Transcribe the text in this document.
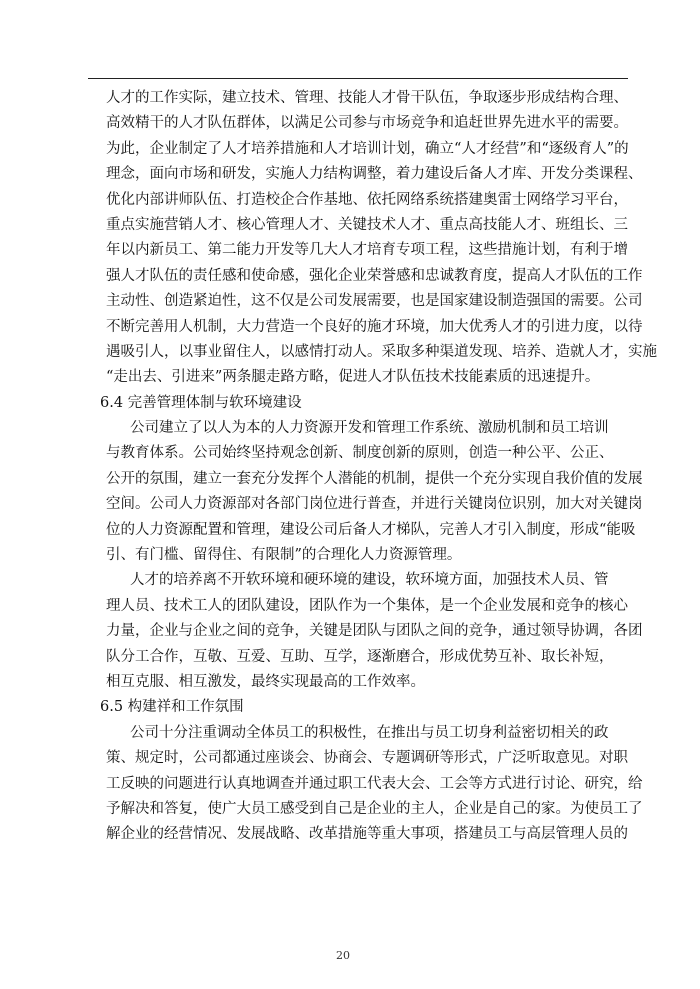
人才的工作实际，建立技术、管理、技能人才骨干队伍，争取逐步形成结构合理、
高效精干的人才队伍群体，以满足公司参与市场竞争和追赶世界先进水平的需要。
为此，企业制定了人才培养措施和人才培训计划，确立“人才经营”和“逐级育人”的
理念，面向市场和研发，实施人力结构调整，着力建设后备人才库、开发分类课程、
优化内部讲师队伍、打造校企合作基地、依托网络系统搭建奥雷士网络学习平台，
重点实施营销人才、核心管理人才、关键技术人才、重点高技能人才、班组长、三
年以内新员工、第二能力开发等几大人才培育专项工程，这些措施计划，有利于增
强人才队伍的责任感和使命感，强化企业荣誉感和忠诚教育度，提高人才队伍的工作
主动性、创造紧迫性，这不仅是公司发展需要，也是国家建设制造强国的需要。公司
不断完善用人机制，大力营造一个良好的施才环境，加大优秀人才的引进力度，以待
遇吸引人，以事业留住人，以感情打动人。采取多种渠道发现、培养、造就人才，实施
“走出去、引进来”两条腿走路方略，促进人才队伍技术技能素质的迅速提升。
6.4 完善管理体制与软环境建设
公司建立了以人为本的人力资源开发和管理工作系统、激励机制和员工培训
与教育体系。公司始终坚持观念创新、制度创新的原则，创造一种公平、公正、
公开的氛围，建立一套充分发挥个人潜能的机制，提供一个充分实现自我价值的发展
空间。公司人力资源部对各部门岗位进行普查，并进行关键岗位识别，加大对关键岗
位的人力资源配置和管理，建设公司后备人才梯队，完善人才引入制度，形成“能吸
引、有门槛、留得住、有限制”的合理化人力资源管理。
人才的培养离不开软环境和硬环境的建设，软环境方面，加强技术人员、管
理人员、技术工人的团队建设，团队作为一个集体，是一个企业发展和竞争的核心
力量，企业与企业之间的竞争，关键是团队与团队之间的竞争，通过领导协调，各团
队分工合作，互敬、互爱、互助、互学，逐渐磨合，形成优势互补、取长补短，
相互克服、相互激发，最终实现最高的工作效率。
6.5 构建祥和工作氛围
公司十分注重调动全体员工的积极性，在推出与员工切身利益密切相关的政
策、规定时，公司都通过座谈会、协商会、专题调研等形式，广泛听取意见。对职
工反映的问题进行认真地调查并通过职工代表大会、工会等方式进行讨论、研究，给
予解决和答复，使广大员工感受到自己是企业的主人，企业是自己的家。为使员工了
解企业的经营情况、发展战略、改革措施等重大事项，搭建员工与高层管理人员的
20
